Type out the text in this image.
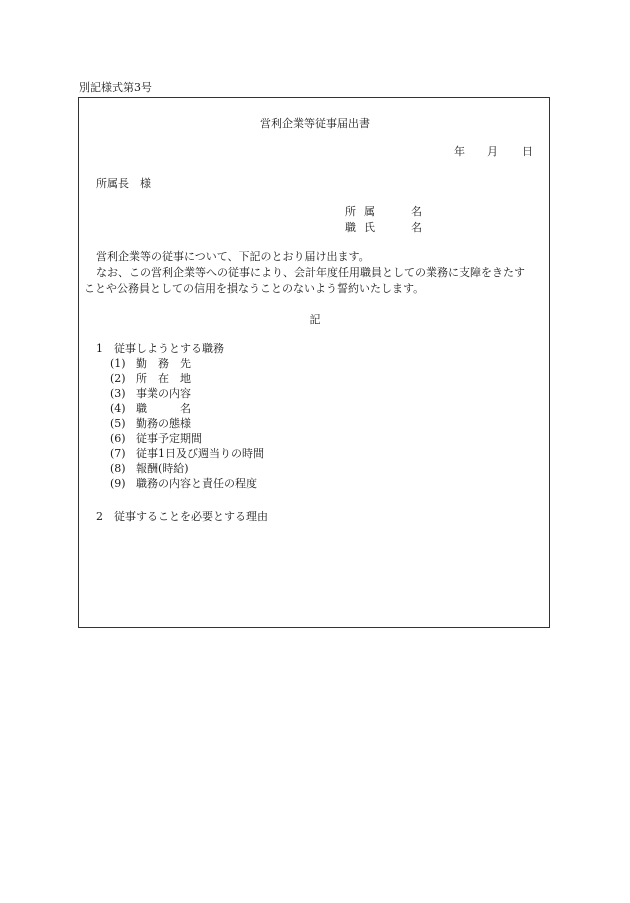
別記様式第3号
営利企業等従事届出書
年 月 日
所属長　様
所属	名
職氏	名
営利企業等の従事について、下記のとおり届け出ます。
なお、この営利企業等への従事により、会計年度任用職員としての業務に支障をきたす
ことや公務員としての信用を損なうことのないよう誓約いたします。
記
1　従事しようとする職務
(1) 勤　務　先
(2) 所　在　地
(3) 事業の内容
(4) 職　　　名
(5) 勤務の態様
(6) 従事予定期間
(7) 従事1日及び週当りの時間
(8) 報酬(時給)
(9) 職務の内容と責任の程度
2　従事することを必要とする理由
